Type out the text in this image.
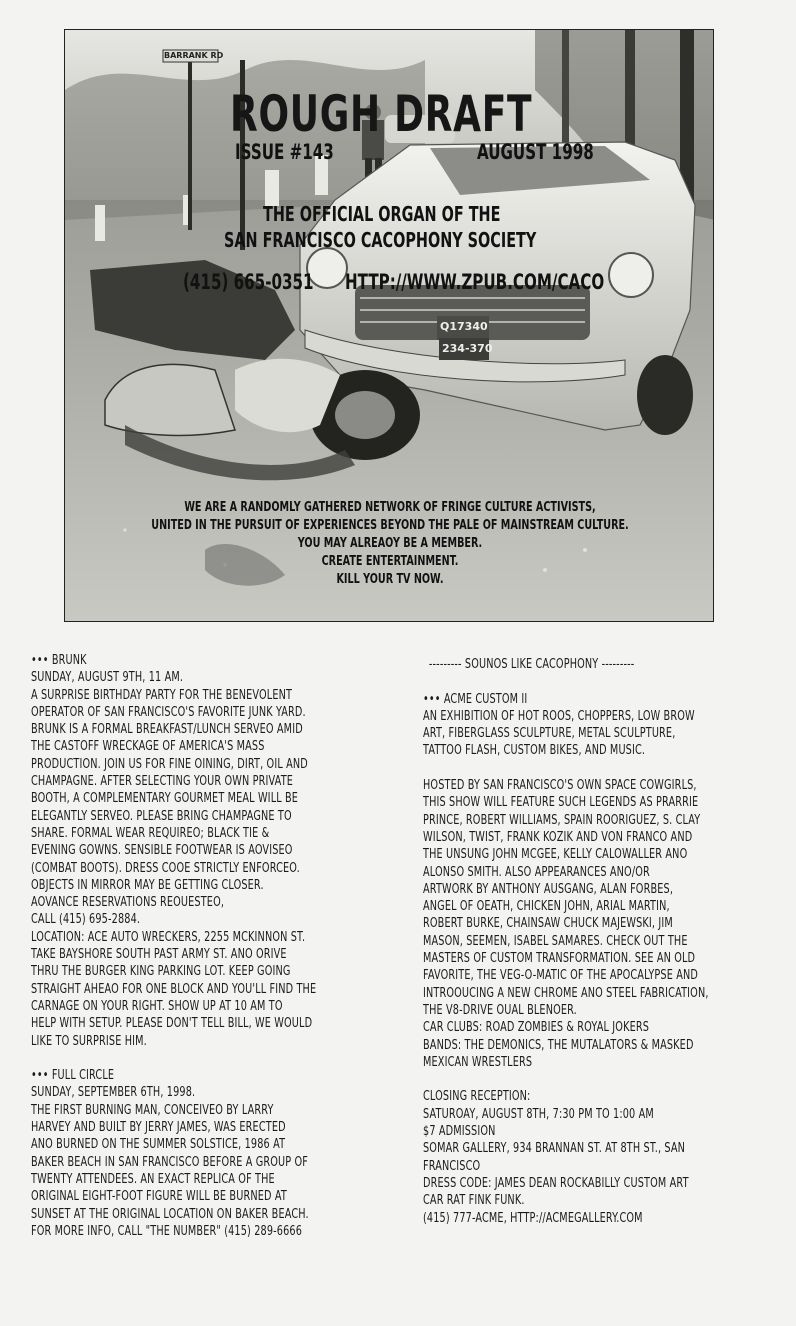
BARRANK RD
Q17340
234-370
ROUGH DRAFT
ISSUE #143	AUGUST 1998
THE OFFICIAL ORGAN OF THE
SAN FRANCISCO CACOPHONY SOCIETY
(415) 665-0351 HTTP://WWW.ZPUB.COM/CACO
WE ARE A RANDOMLY GATHERED NETWORK OF FRINGE CULTURE ACTIVISTS,
UNITED IN THE PURSUIT OF EXPERIENCES BEYOND THE PALE OF MAINSTREAM CULTURE.
YOU MAY ALREAOY BE A MEMBER.
CREATE ENTERTAINMENT.
KILL YOUR TV NOW.

••• BRUNK

SUNDAY, AUGUST 9TH, 11 AM.

A SURPRISE BIRTHDAY PARTY FOR THE BENEVOLENT
OPERATOR OF SAN FRANCISCO'S FAVORITE JUNK YARD.
BRUNK IS A FORMAL BREAKFAST/LUNCH SERVEO AMID
THE CASTOFF WRECKAGE OF AMERICA'S MASS
PRODUCTION. JOIN US FOR FINE OINING, DIRT, OIL AND
CHAMPAGNE. AFTER SELECTING YOUR OWN PRIVATE
BOOTH, A COMPLEMENTARY GOURMET MEAL WILL BE
ELEGANTLY SERVEO. PLEASE BRING CHAMPAGNE TO
SHARE. FORMAL WEAR REQUIREO; BLACK TIE &
EVENING GOWNS. SENSIBLE FOOTWEAR IS AOVISEO
(COMBAT BOOTS). DRESS COOE STRICTLY ENFORCEO.
OBJECTS IN MIRROR MAY BE GETTING CLOSER.
AOVANCE RESERVATIONS REOUESTEO,
CALL (415) 695-2884.
LOCATION: ACE AUTO WRECKERS, 2255 MCKINNON ST.
TAKE BAYSHORE SOUTH PAST ARMY ST. ANO ORIVE
THRU THE BURGER KING PARKING LOT. KEEP GOING
STRAIGHT AHEAO FOR ONE BLOCK AND YOU'LL FIND THE
CARNAGE ON YOUR RIGHT. SHOW UP AT 10 AM TO
HELP WITH SETUP. PLEASE DON'T TELL BILL, WE WOULD
LIKE TO SURPRISE HIM.

••• FULL CIRCLE

SUNDAY, SEPTEMBER 6TH, 1998.

THE FIRST BURNING MAN, CONCEIVEO BY LARRY
HARVEY AND BUILT BY JERRY JAMES, WAS ERECTED
ANO BURNED ON THE SUMMER SOLSTICE, 1986 AT
BAKER BEACH IN SAN FRANCISCO BEFORE A GROUP OF
TWENTY ATTENDEES. AN EXACT REPLICA OF THE
ORIGINAL EIGHT-FOOT FIGURE WILL BE BURNED AT
SUNSET AT THE ORIGINAL LOCATION ON BAKER BEACH.
FOR MORE INFO, CALL "THE NUMBER" (415) 289-6666

--------- SOUNOS LIKE CACOPHONY ---------

••• ACME CUSTOM II

AN EXHIBITION OF HOT ROOS, CHOPPERS, LOW BROW
ART, FIBERGLASS SCULPTURE, METAL SCULPTURE,
TATTOO FLASH, CUSTOM BIKES, AND MUSIC.

HOSTED BY SAN FRANCISCO'S OWN SPACE COWGIRLS,
THIS SHOW WILL FEATURE SUCH LEGENDS AS PRARRIE
PRINCE, ROBERT WILLIAMS, SPAIN ROORIGUEZ, S. CLAY
WILSON, TWIST, FRANK KOZIK AND VON FRANCO AND
THE UNSUNG JOHN MCGEE, KELLY CALOWALLER ANO
ALONSO SMITH. ALSO APPEARANCES ANO/OR
ARTWORK BY ANTHONY AUSGANG, ALAN FORBES,
ANGEL OF OEATH, CHICKEN JOHN, ARIAL MARTIN,
ROBERT BURKE, CHAINSAW CHUCK MAJEWSKI, JIM
MASON, SEEMEN, ISABEL SAMARES. CHECK OUT THE
MASTERS OF CUSTOM TRANSFORMATION. SEE AN OLD
FAVORITE, THE VEG-O-MATIC OF THE APOCALYPSE AND
INTROOUCING A NEW CHROME ANO STEEL FABRICATION,
THE V8-DRIVE OUAL BLENOER.
CAR CLUBS: ROAD ZOMBIES & ROYAL JOKERS
BANDS: THE DEMONICS, THE MUTALATORS & MASKED
MEXICAN WRESTLERS

CLOSING RECEPTION:
SATUROAY, AUGUST 8TH, 7:30 PM TO 1:00 AM
$7 ADMISSION
SOMAR GALLERY, 934 BRANNAN ST. AT 8TH ST., SAN
FRANCISCO
DRESS CODE: JAMES DEAN ROCKABILLY CUSTOM ART
CAR RAT FINK FUNK.
(415) 777-ACME, HTTP://ACMEGALLERY.COM
